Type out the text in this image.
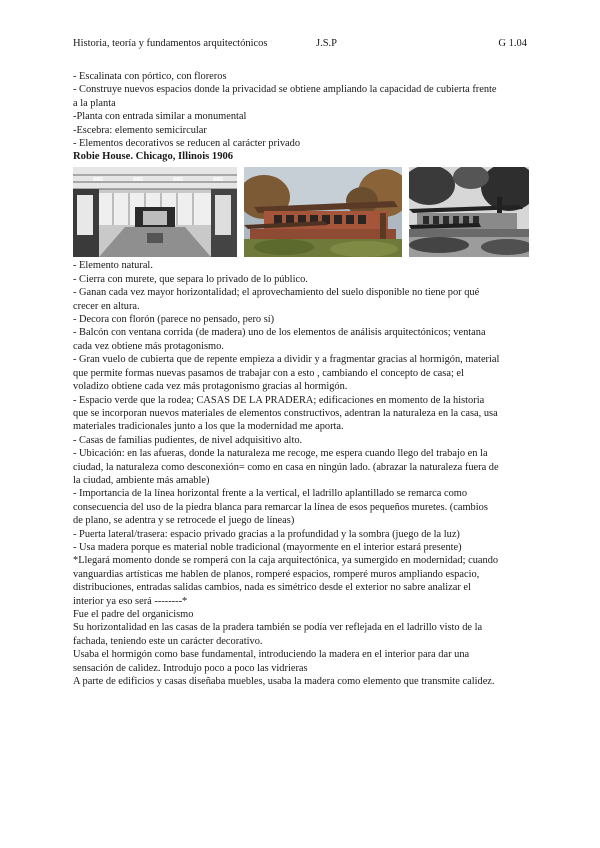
Historia, teoría y fundamentos arquitectónicos	J.S.P	G 1.04

- Escalinata con pórtico, con floreros

- Construye nuevos espacios donde la privacidad se obtiene ampliando la capacidad de cubierta frente

a la planta

-Planta con entrada similar a monumental

-Escebra: elemento semicircular

- Elementos decorativos se reducen al carácter privado

Robie House. Chicago, Illinois 1906

- Elemento natural.

- Cierra con murete, que separa lo privado de lo público.

- Ganan cada vez mayor horizontalidad; el aprovechamiento del suelo disponible no tiene por qué

crecer en altura.

- Decora con florón (parece no pensado, pero sí)

- Balcón con ventana corrida (de madera) uno de los elementos de análisis arquitectónicos; ventana

cada vez obtiene más protagonismo.

- Gran vuelo de cubierta que de repente empieza a dividir y a fragmentar gracias al hormigón, material

que permite formas nuevas pasamos de trabajar con a esto , cambiando el concepto de casa; el

voladizo obtiene cada vez más protagonismo gracias al hormigón.

- Espacio verde que la rodea; CASAS DE LA PRADERA; edificaciones en momento de la historia

que se incorporan nuevos materiales de elementos constructivos, adentran la naturaleza en la casa, usa

materiales tradicionales junto a los que la modernidad me aporta.

- Casas de familias pudientes, de nivel adquisitivo alto.

- Ubicación: en las afueras, donde la naturaleza me recoge, me espera cuando llego del trabajo en la

ciudad, la naturaleza como desconexión= como en casa en ningún lado. (abrazar la naturaleza fuera de

la ciudad, ambiente más amable)

- Importancia de la línea horizontal frente a la vertical, el ladrillo aplantillado se remarca como

consecuencia del uso de la piedra blanca para remarcar la línea de esos pequeños muretes. (cambios

de plano, se adentra y se retrocede el juego de líneas)

- Puerta lateral/trasera: espacio privado gracias a la profundidad y la sombra (juego de la luz)

- Usa madera porque es material noble tradicional (mayormente en el interior estará presente)

*Llegará momento donde se romperá con la caja arquitectónica, ya sumergido en modernidad; cuando

vanguardias artísticas me hablen de planos, romperé espacios, romperé muros ampliando espacio,

distribuciones, entradas salidas cambios, nada es simétrico desde el exterior no sabre analizar el

interior ya eso será --------*

Fue el padre del organicismo

Su horizontalidad en las casas de la pradera también se podía ver reflejada en el ladrillo visto de la

fachada, teniendo este un carácter decorativo.

Usaba el hormigón como base fundamental, introduciendo la madera en el interior para dar una

sensación de calidez. Introdujo poco a poco las vidrieras

A parte de edificios y casas diseñaba muebles, usaba la madera como elemento que transmite calidez.
